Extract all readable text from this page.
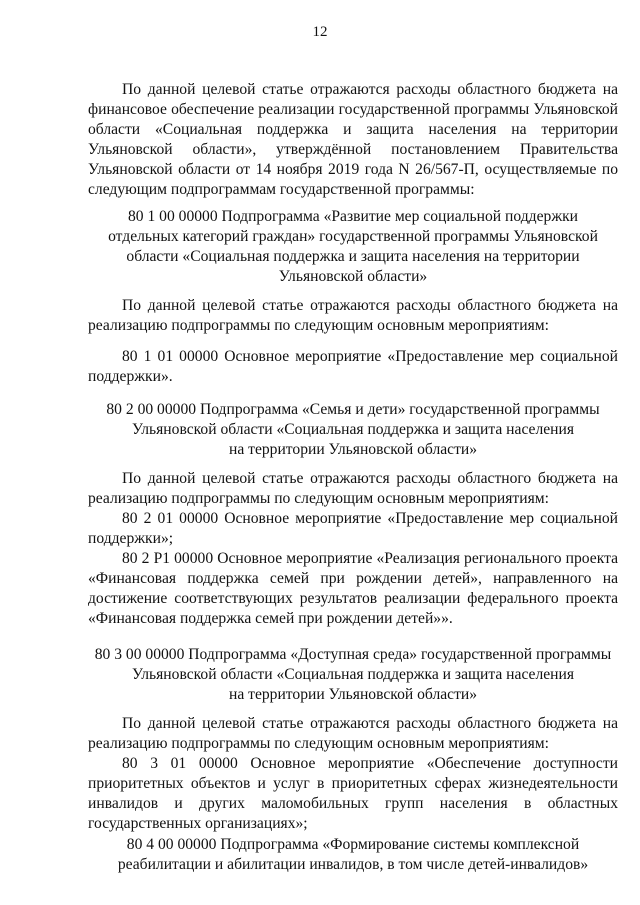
12
По данной целевой статье отражаются расходы областного бюджета на
финансовое обеспечение реализации государственной программы Ульяновской
области «Социальная поддержка и защита населения на территории
Ульяновской области», утверждённой постановлением Правительства
Ульяновской области от 14 ноября 2019 года N 26/567-П, осуществляемые по
следующим подпрограммам государственной программы:
80 1 00 00000 Подпрограмма «Развитие мер социальной поддержки
отдельных категорий граждан» государственной программы Ульяновской
области «Социальная поддержка и защита населения на территории
Ульяновской области»
По данной целевой статье отражаются расходы областного бюджета на
реализацию подпрограммы по следующим основным мероприятиям:
80 1 01 00000 Основное мероприятие «Предоставление мер социальной
поддержки».
80 2 00 00000 Подпрограмма «Семья и дети» государственной программы
Ульяновской области «Социальная поддержка и защита населения
на территории Ульяновской области»
По данной целевой статье отражаются расходы областного бюджета на
реализацию подпрограммы по следующим основным мероприятиям:
80 2 01 00000 Основное мероприятие «Предоставление мер социальной
поддержки»;
80 2 P1 00000 Основное мероприятие «Реализация регионального проекта
«Финансовая поддержка семей при рождении детей», направленного на
достижение соответствующих результатов реализации федерального проекта
«Финансовая поддержка семей при рождении детей»».
80 3 00 00000 Подпрограмма «Доступная среда» государственной программы
Ульяновской области «Социальная поддержка и защита населения
на территории Ульяновской области»
По данной целевой статье отражаются расходы областного бюджета на
реализацию подпрограммы по следующим основным мероприятиям:
80 3 01 00000 Основное мероприятие «Обеспечение доступности
приоритетных объектов и услуг в приоритетных сферах жизнедеятельности
инвалидов и других маломобильных групп населения в областных
государственных организациях»;
80 4 00 00000 Подпрограмма «Формирование системы комплексной
реабилитации и абилитации инвалидов, в том числе детей-инвалидов»
